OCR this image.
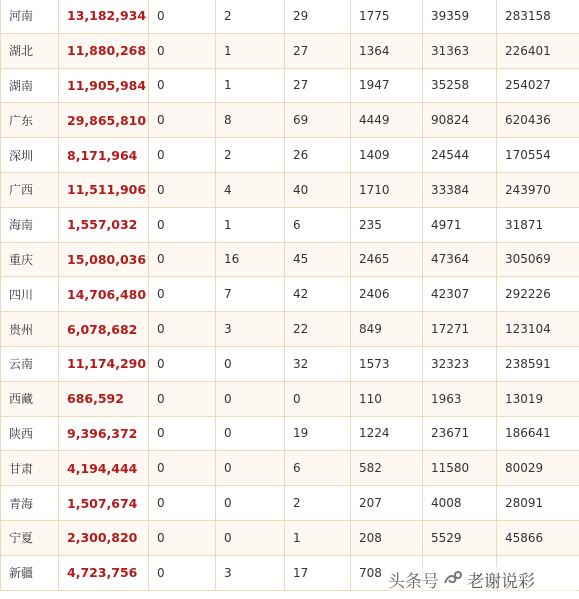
河南	13,182,934	0	2	29	1775	39359	283158
湖北	11,880,268	0	1	27	1364	31363	226401
湖南	11,905,984	0	1	27	1947	35258	254027
广东	29,865,810	0	8	69	4449	90824	620436
深圳	8,171,964	0	2	26	1409	24544	170554
广西	11,511,906	0	4	40	1710	33384	243970
海南	1,557,032	0	1	6	235	4971	31871
重庆	15,080,036	0	16	45	2465	47364	305069
四川	14,706,480	0	7	42	2406	42307	292226
贵州	6,078,682	0	3	22	849	17271	123104
云南	11,174,290	0	0	32	1573	32323	238591
西藏	686,592	0	0	0	110	1963	13019
陕西	9,396,372	0	0	19	1224	23671	186641
甘肃	4,194,444	0	0	6	582	11580	80029
青海	1,507,674	0	0	2	207	4008	28091
宁夏	2,300,820	0	0	1	208	5529	45866
新疆	4,723,756	0	3	17	708		头条号 老谢说彩
